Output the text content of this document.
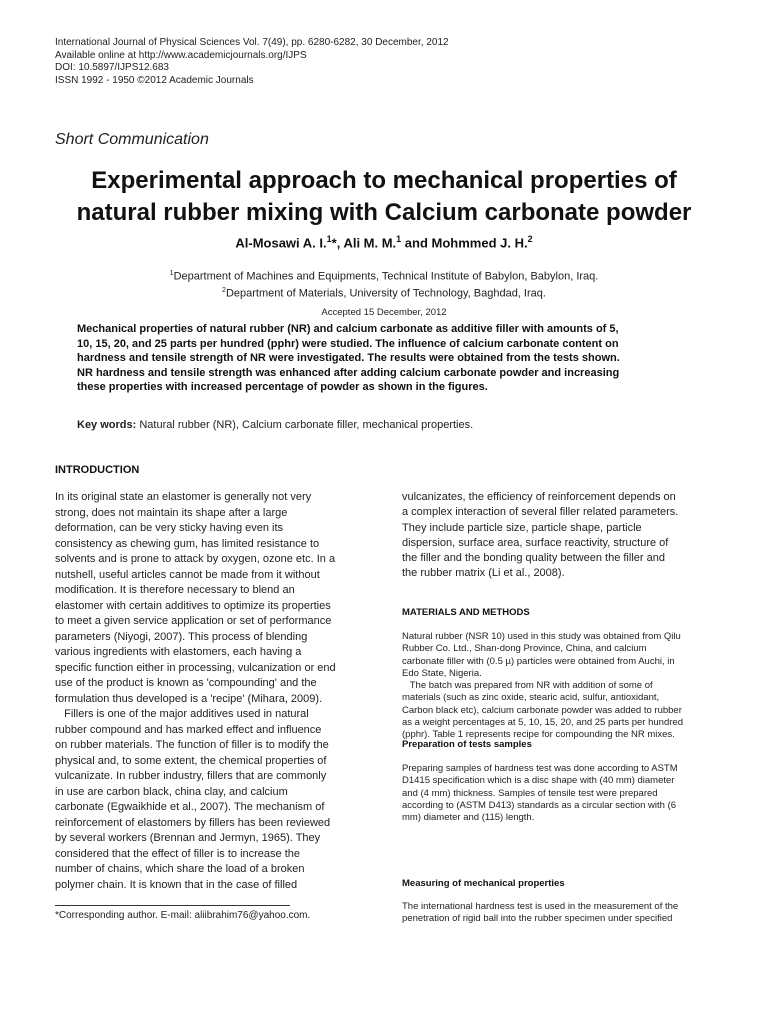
International Journal of Physical Sciences Vol. 7(49), pp. 6280-6282, 30 December, 2012
Available online at http://www.academicjournals.org/IJPS
DOI: 10.5897/IJPS12.683
ISSN 1992 - 1950 ©2012 Academic Journals
Short Communication
Experimental approach to mechanical properties of
natural rubber mixing with Calcium carbonate powder
Al-Mosawi A. I.$^1$*, Ali M. M.$^1$ and Mohmmed J. H.$^2$
$^1$Department of Machines and Equipments, Technical Institute of Babylon, Babylon, Iraq.
$^2$Department of Materials, University of Technology, Baghdad, Iraq.
Accepted 15 December, 2012
Mechanical properties of natural rubber (NR) and calcium carbonate as additive filler with amounts of 5,
10, 15, 20, and 25 parts per hundred (pphr) were studied. The influence of calcium carbonate content on
hardness and tensile strength of NR were investigated. The results were obtained from the tests shown.
NR hardness and tensile strength was enhanced after adding calcium carbonate powder and increasing
these properties with increased percentage of powder as shown in the figures.
Key words: Natural rubber (NR), Calcium carbonate filler, mechanical properties.
INTRODUCTION
In its original state an elastomer is generally not very
strong, does not maintain its shape after a large
deformation, can be very sticky having even its
consistency as chewing gum, has limited resistance to
solvents and is prone to attack by oxygen, ozone etc. In a
nutshell, useful articles cannot be made from it without
modification. It is therefore necessary to blend an
elastomer with certain additives to optimize its properties
to meet a given service application or set of performance
parameters (Niyogi, 2007). This process of blending
various ingredients with elastomers, each having a
specific function either in processing, vulcanization or end
use of the product is known as 'compounding' and the
formulation thus developed is a 'recipe' (Mihara, 2009).
Fillers is one of the major additives used in natural
rubber compound and has marked effect and influence
on rubber materials. The function of filler is to modify the
physical and, to some extent, the chemical properties of
vulcanizate. In rubber industry, fillers that are commonly
in use are carbon black, china clay, and calcium
carbonate (Egwaikhide et al., 2007). The mechanism of
reinforcement of elastomers by fillers has been reviewed
by several workers (Brennan and Jermyn, 1965). They
considered that the effect of filler is to increase the
number of chains, which share the load of a broken
polymer chain. It is known that in the case of filled
*Corresponding author. E-mail: aliibrahim76@yahoo.com.
vulcanizates, the efficiency of reinforcement depends on
a complex interaction of several filler related parameters.
They include particle size, particle shape, particle
dispersion, surface area, surface reactivity, structure of
the filler and the bonding quality between the filler and
the rubber matrix (Li et al., 2008).
MATERIALS AND METHODS
Natural rubber (NSR 10) used in this study was obtained from Qilu
Rubber Co. Ltd., Shan-dong Province, China, and calcium
carbonate filler with (0.5 µ) particles were obtained from Auchi, in
Edo State, Nigeria.
The batch was prepared from NR with addition of some of
materials (such as zinc oxide, stearic acid, sulfur, antioxidant,
Carbon black etc), calcium carbonate powder was added to rubber
as a weight percentages at 5, 10, 15, 20, and 25 parts per hundred
(pphr). Table 1 represents recipe for compounding the NR mixes.
Preparation of tests samples
Preparing samples of hardness test was done according to ASTM
D1415 specification which is a disc shape with (40 mm) diameter
and (4 mm) thickness. Samples of tensile test were prepared
according to (ASTM D413) standards as a circular section with (6
mm) diameter and (115) length.
Measuring of mechanical properties
The international hardness test is used in the measurement of the
penetration of rigid ball into the rubber specimen under specified
